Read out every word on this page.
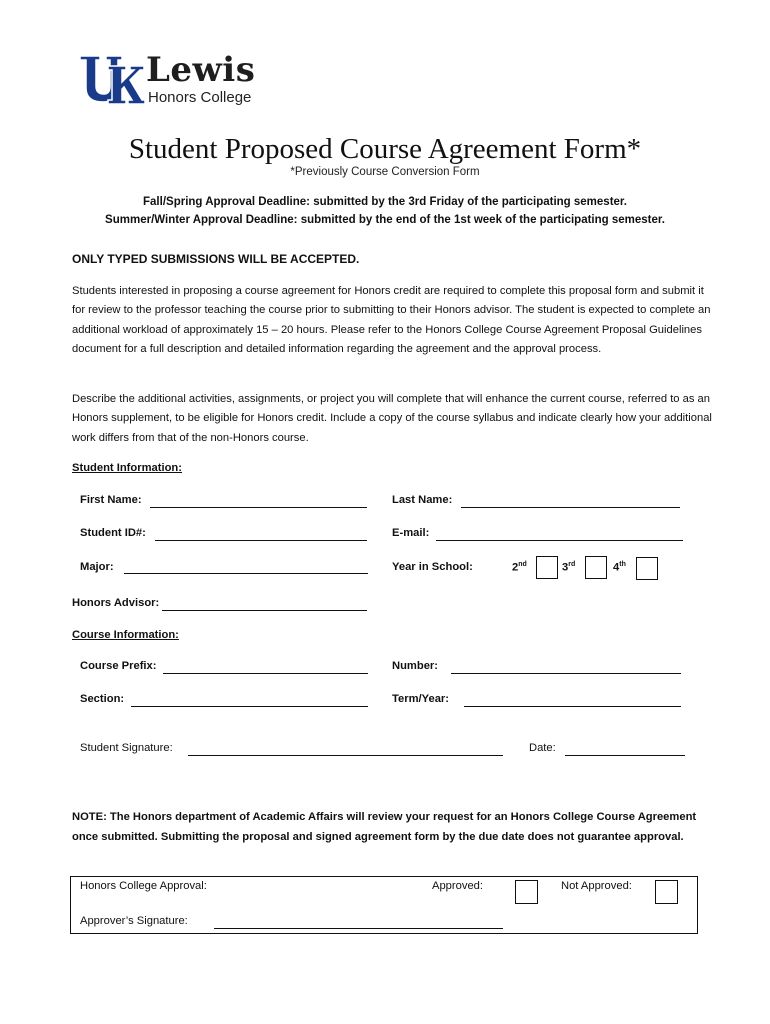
Lewis
Honors College
Student Proposed Course Agreement Form*
*Previously Course Conversion Form
Fall/Spring Approval Deadline: submitted by the 3rd Friday of the participating semester.
Summer/Winter Approval Deadline: submitted by the end of the 1st week of the participating semester.
ONLY TYPED SUBMISSIONS WILL BE ACCEPTED.
Students interested in proposing a course agreement for Honors credit are required to complete this proposal form and submit it for review to the professor teaching the course prior to submitting to their Honors advisor. The student is expected to complete an additional workload of approximately 15 – 20 hours. Please refer to the Honors College Course Agreement Proposal Guidelines document for a full description and detailed information regarding the agreement and the approval process.
Describe the additional activities, assignments, or project you will complete that will enhance the current course, referred to as an Honors supplement, to be eligible for Honors credit. Include a copy of the course syllabus and indicate clearly how your additional work differs from that of the non-Honors course.
Student Information:
First Name:	Last Name:
Student ID#:	E-mail:
Major:	Year in School:	2nd	3rd	4th
Honors Advisor:
Course Information:
Course Prefix:	Number:
Section:	Term/Year:
Student Signature:	Date:
NOTE: The Honors department of Academic Affairs will review your request for an Honors College Course Agreement once submitted. Submitting the proposal and signed agreement form by the due date does not guarantee approval.
Honors College Approval:	Approved:	Not Approved:
Approver’s Signature:
